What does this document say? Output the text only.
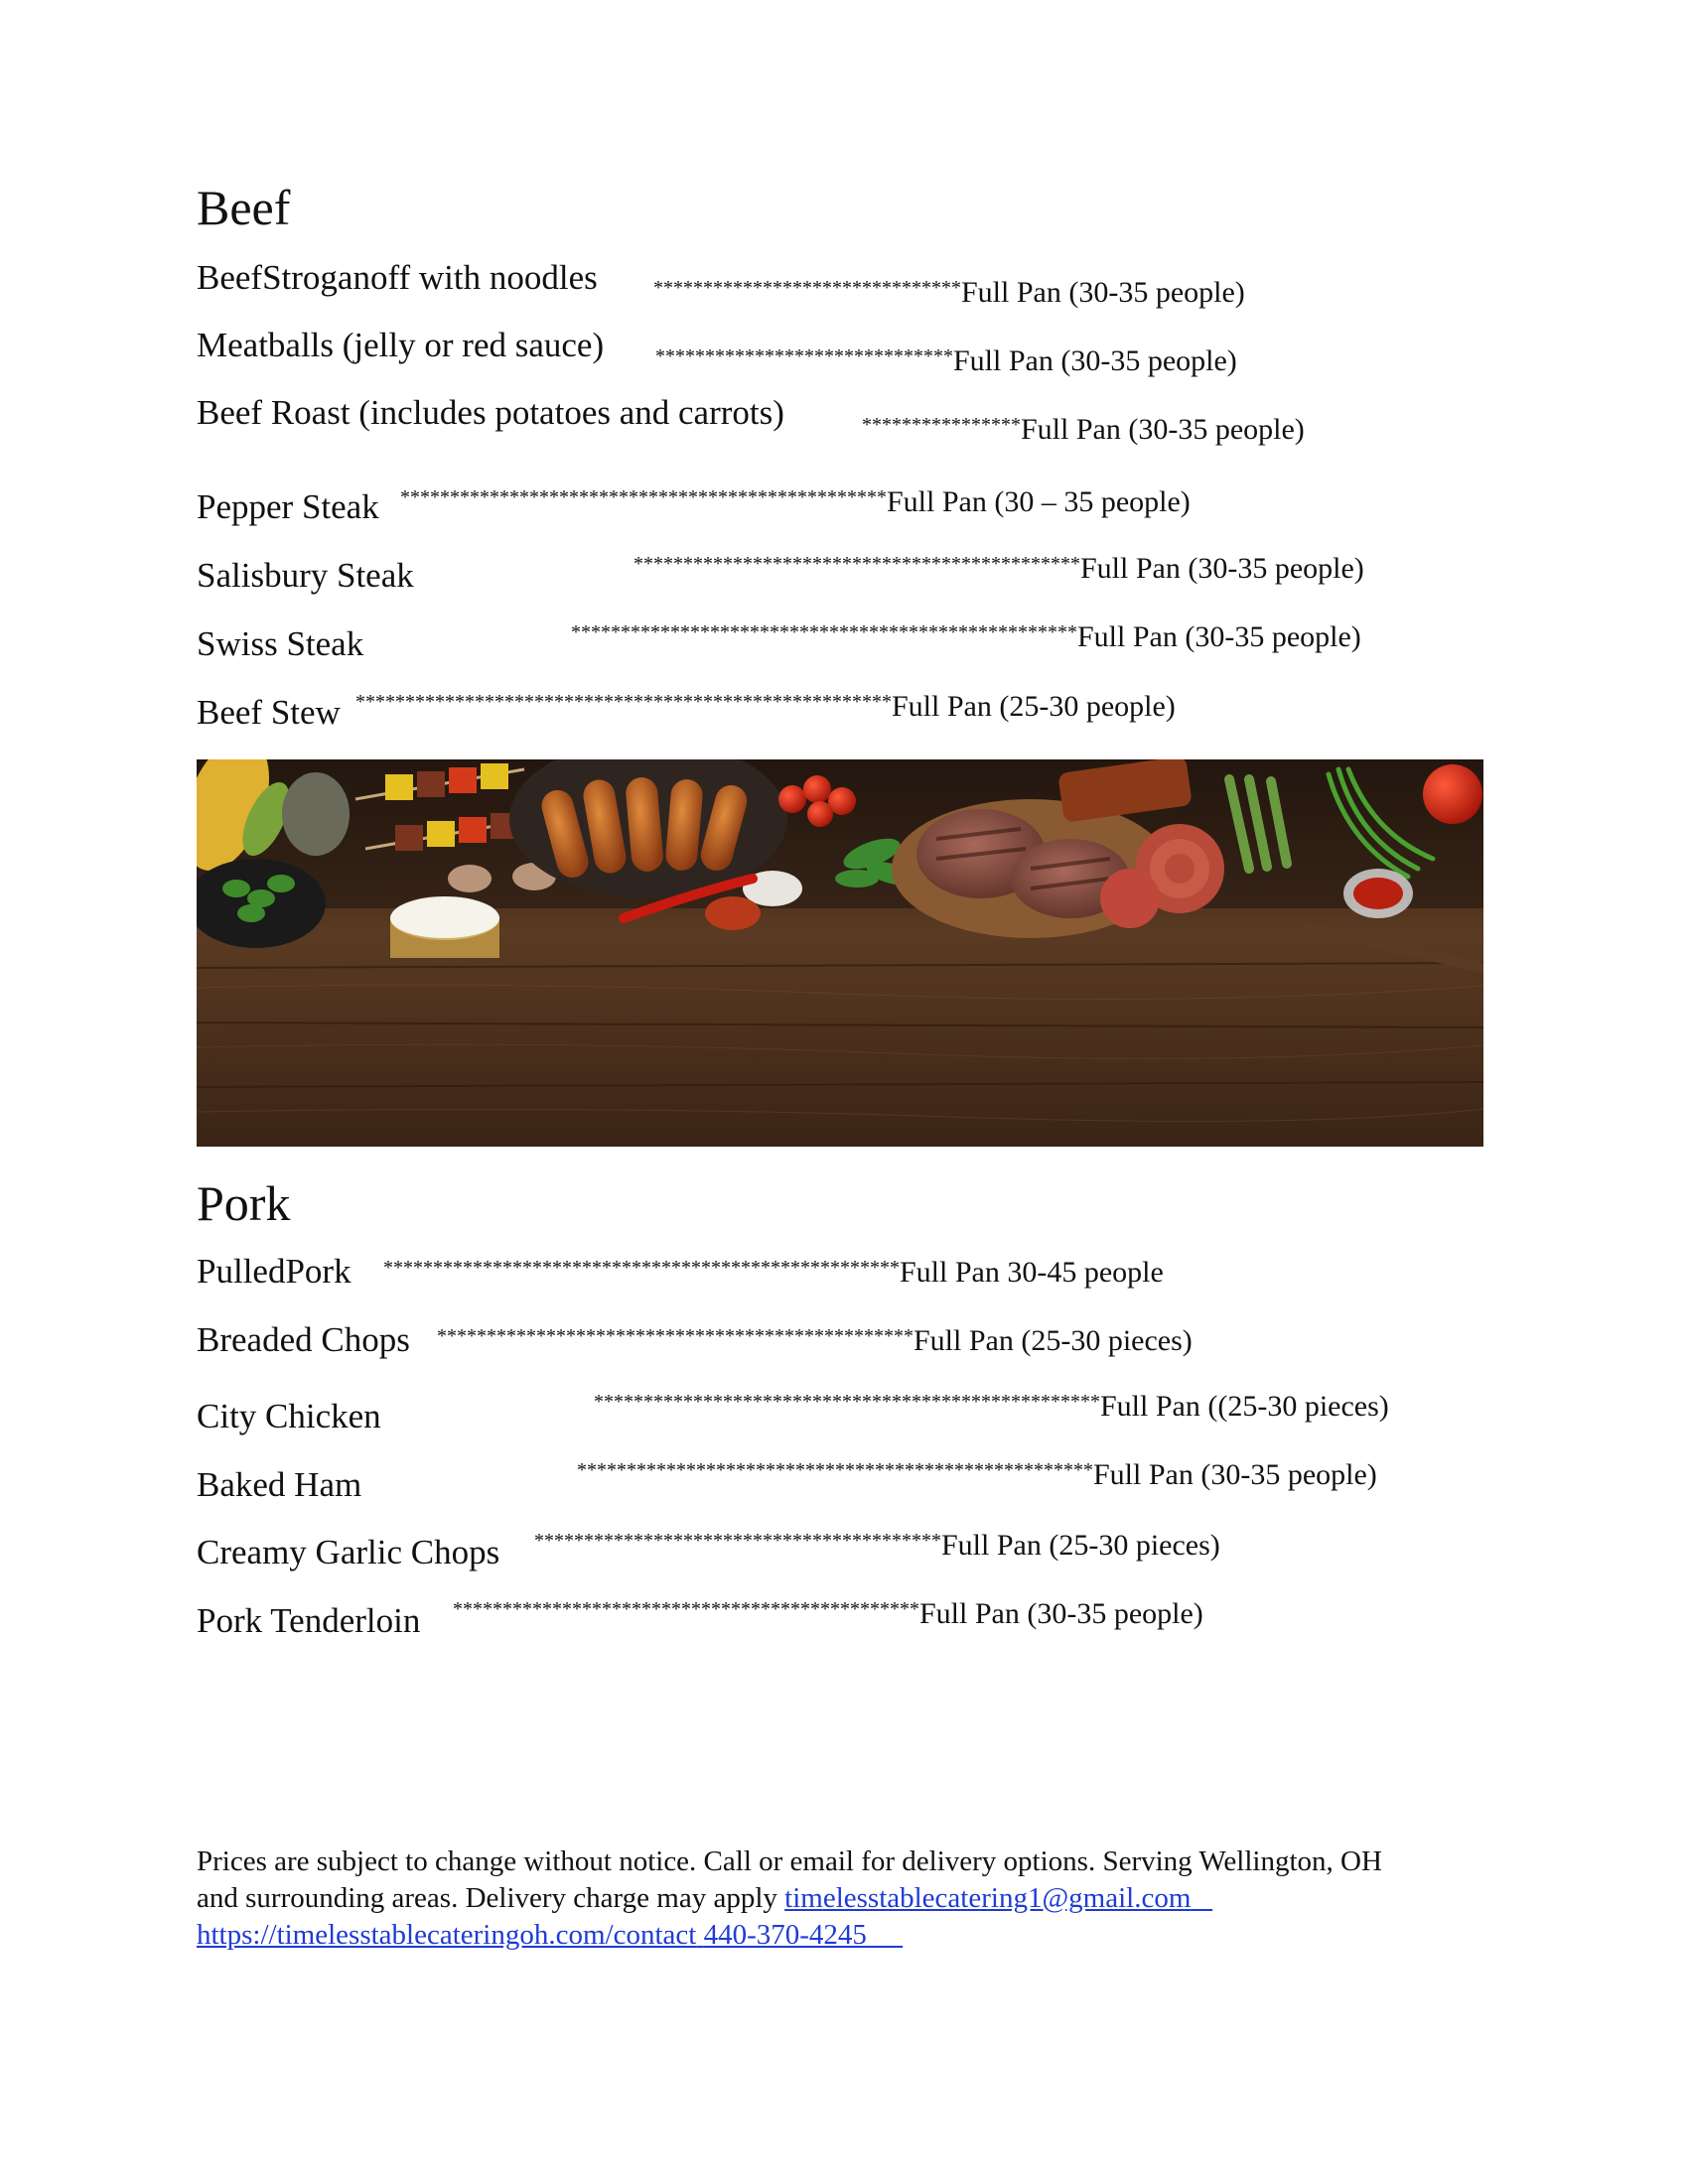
Beef
BeefStroganoff with noodles	*******************************Full Pan (30-35 people)
Meatballs (jelly or red sauce)	******************************Full Pan (30-35 people)
Beef Roast (includes potatoes and carrots)	****************Full Pan (30-35 people)
Pepper Steak *************************************************Full Pan (30 – 35 people)
Salisbury Steak	*********************************************Full Pan (30-35 people)
Swiss Steak	***************************************************Full Pan (30-35 people)
Beef Stew ******************************************************Full Pan (25-30 people)
Pork
PulledPork ****************************************************Full Pan 30-45 people
Breaded Chops ************************************************Full Pan (25-30 pieces)
City Chicken	***************************************************Full Pan ((25-30 pieces)
Baked Ham	****************************************************Full Pan (30-35 people)
Creamy Garlic Chops *****************************************Full Pan (25-30 pieces)
Pork Tenderloin ***********************************************Full Pan (30-35 people)
Prices are subject to change without notice. Call or email for delivery options. Serving Wellington, OH
and surrounding areas. Delivery charge may apply timelesstablecatering1@gmail.com
https://timelesstablecateringoh.com/contact 440-370-4245
